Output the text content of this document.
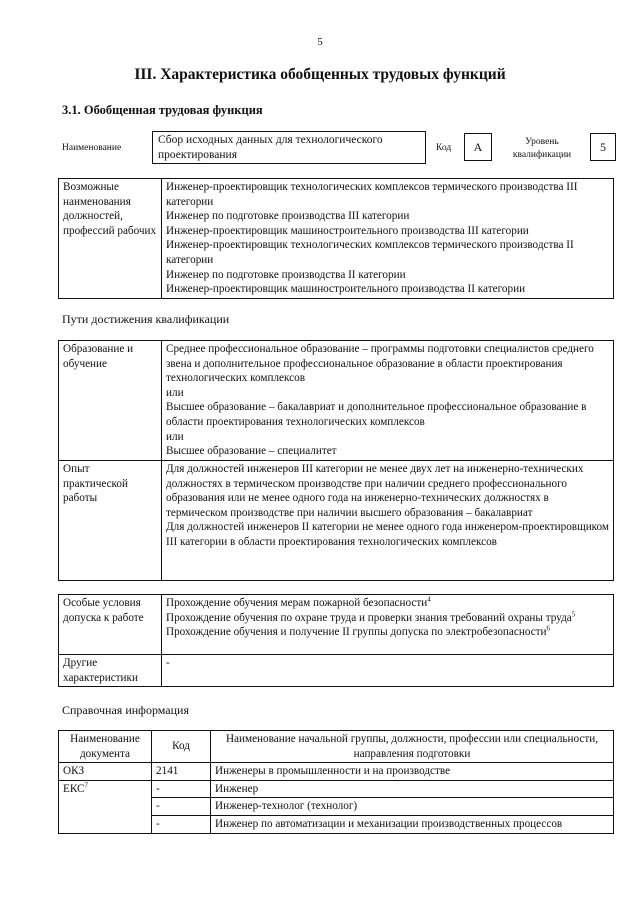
5
III. Характеристика обобщенных трудовых функций
3.1. Обобщенная трудовая функция
Наименование
Сбор исходных данных для технологического проектирования
Код	А	Уровень
квалификации
5
Возможные наименования должностей, профессий рабочих	

Инженер-проектировщик технологических комплексов термического производства III категории

Инженер по подготовке производства III категории

Инженер-проектировщик машиностроительного производства III категории

Инженер-проектировщик технологических комплексов термического производства II категории

Инженер по подготовке производства II категории

Инженер-проектировщик машиностроительного производства II категории

Пути достижения квалификации
Образование и обучение	Среднее профессиональное образование – программы подготовки специалистов среднего звена и дополнительное профессиональное образование в области проектирования технологических комплексов

или

Высшее образование – бакалавриат и дополнительное профессиональное образование в области проектирования технологических комплексов

или

Высшее образование – специалитет

Опыт практической работы	Для должностей инженеров III категории не менее двух лет на инженерно-технических должностях в термическом производстве при наличии среднего профессионального образования или не менее одного года на инженерно-технических должностях в термическом производстве при наличии высшего образования – бакалавриат

Для должностей инженеров II категории не менее одного года инженером-проектировщиком III категории в области проектирования технологических комплексов

Особые условия допуска к работе	Прохождение обучения мерам пожарной безопасности$^4$

Прохождение обучения по охране труда и проверки знания требований охраны труда$^5$

Прохождение обучения и получение II группы допуска по электробезопасности$^6$

Другие характеристики	-
Справочная информация
Наименование документа	Код	Наименование начальной группы, должности, профессии или специальности, направления подготовки
ОКЗ	2141	Инженеры в промышленности и на производстве
ЕКС$^7$	-	Инженер
	-	Инженер-технолог (технолог)
	-	Инженер по автоматизации и механизации производственных процессов
